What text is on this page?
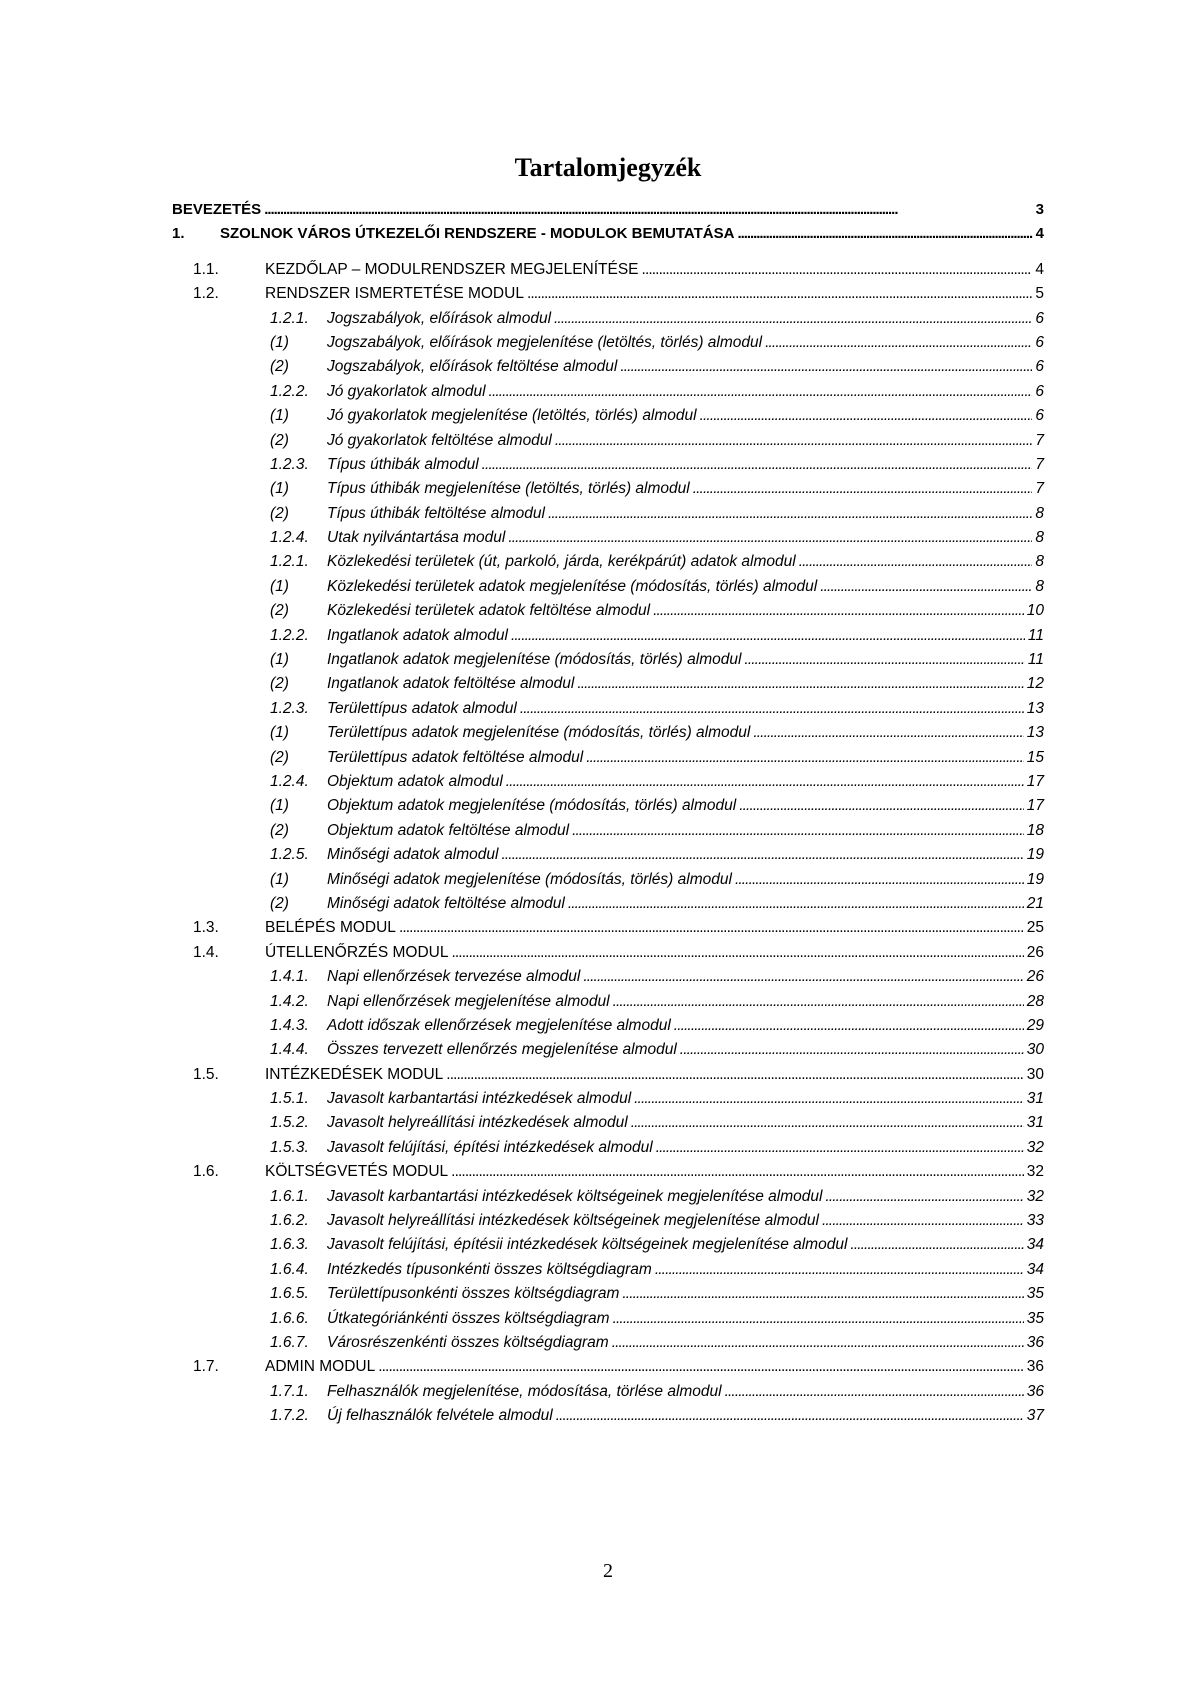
Tartalomjegyzék
BEVEZETÉS . . .	3
1.	SZOLNOK VÁROS ÚTKEZELŐI RENDSZERE - MODULOK BEMUTATÁSA . . .	4
1.1.	KEZDŐLAP – MODULRENDSZER MEGJELENÍTÉSE . . .	4
1.2.	RENDSZER ISMERTETÉSE MODUL . . .	5
1.2.1.	Jogszabályok, előírások almodul . . .	6
(1)	Jogszabályok, előírások megjelenítése (letöltés, törlés) almodul . . .	6
(2)	Jogszabályok, előírások feltöltése almodul . . .	6
1.2.2.	Jó gyakorlatok almodul . . .	6
(1)	Jó gyakorlatok megjelenítése (letöltés, törlés) almodul . . .	6
(2)	Jó gyakorlatok feltöltése almodul . . .	7
1.2.3.	Típus úthibák almodul . . .	7
(1)	Típus úthibák megjelenítése (letöltés, törlés) almodul . . .	7
(2)	Típus úthibák feltöltése almodul . . .	8
1.2.4.	Utak nyilvántartása modul . . .	8
1.2.1.	Közlekedési területek (út, parkoló, járda, kerékpárút) adatok almodul . . .	8
(1)	Közlekedési területek adatok megjelenítése (módosítás, törlés) almodul . . .	8
(2)	Közlekedési területek adatok feltöltése almodul . . .	10
1.2.2.	Ingatlanok adatok almodul . . .	11
(1)	Ingatlanok adatok megjelenítése (módosítás, törlés) almodul . . .	11
(2)	Ingatlanok adatok feltöltése almodul . . .	12
1.2.3.	Területtípus adatok almodul . . .	13
(1)	Területtípus adatok megjelenítése (módosítás, törlés) almodul . . .	13
(2)	Területtípus adatok feltöltése almodul . . .	15
1.2.4.	Objektum adatok almodul . . .	17
(1)	Objektum adatok megjelenítése (módosítás, törlés) almodul . . .	17
(2)	Objektum adatok feltöltése almodul . . .	18
1.2.5.	Minőségi adatok almodul . . .	19
(1)	Minőségi adatok megjelenítése (módosítás, törlés) almodul . . .	19
(2)	Minőségi adatok feltöltése almodul . . .	21
1.3.	BELÉPÉS MODUL . . .	25
1.4.	ÚTELLENŐRZÉS MODUL . . .	26
1.4.1.	Napi ellenőrzések tervezése almodul . . .	26
1.4.2.	Napi ellenőrzések megjelenítése almodul . . .	28
1.4.3.	Adott időszak ellenőrzések megjelenítése almodul . . .	29
1.4.4.	Összes tervezett ellenőrzés megjelenítése almodul . . .	30
1.5.	INTÉZKEDÉSEK MODUL . . .	30
1.5.1.	Javasolt karbantartási intézkedések almodul . . .	31
1.5.2.	Javasolt helyreállítási intézkedések almodul . . .	31
1.5.3.	Javasolt felújítási, építési intézkedések almodul . . .	32
1.6.	KÖLTSÉGVETÉS MODUL . . .	32
1.6.1.	Javasolt karbantartási intézkedések költségeinek megjelenítése almodul . . .	32
1.6.2.	Javasolt helyreállítási intézkedések költségeinek megjelenítése almodul . . .	33
1.6.3.	Javasolt felújítási, építésii intézkedések költségeinek megjelenítése almodul . . .	34
1.6.4.	Intézkedés típusonkénti összes költségdiagram . . .	34
1.6.5.	Területtípusonkénti összes költségdiagram . . .	35
1.6.6.	Útkategóriánkénti összes költségdiagram . . .	35
1.6.7.	Városrészenkénti összes költségdiagram . . .	36
1.7.	ADMIN MODUL . . .	36
1.7.1.	Felhasználók megjelenítése, módosítása, törlése almodul . . .	36
1.7.2.	Új felhasználók felvétele almodul . . .	37
2
